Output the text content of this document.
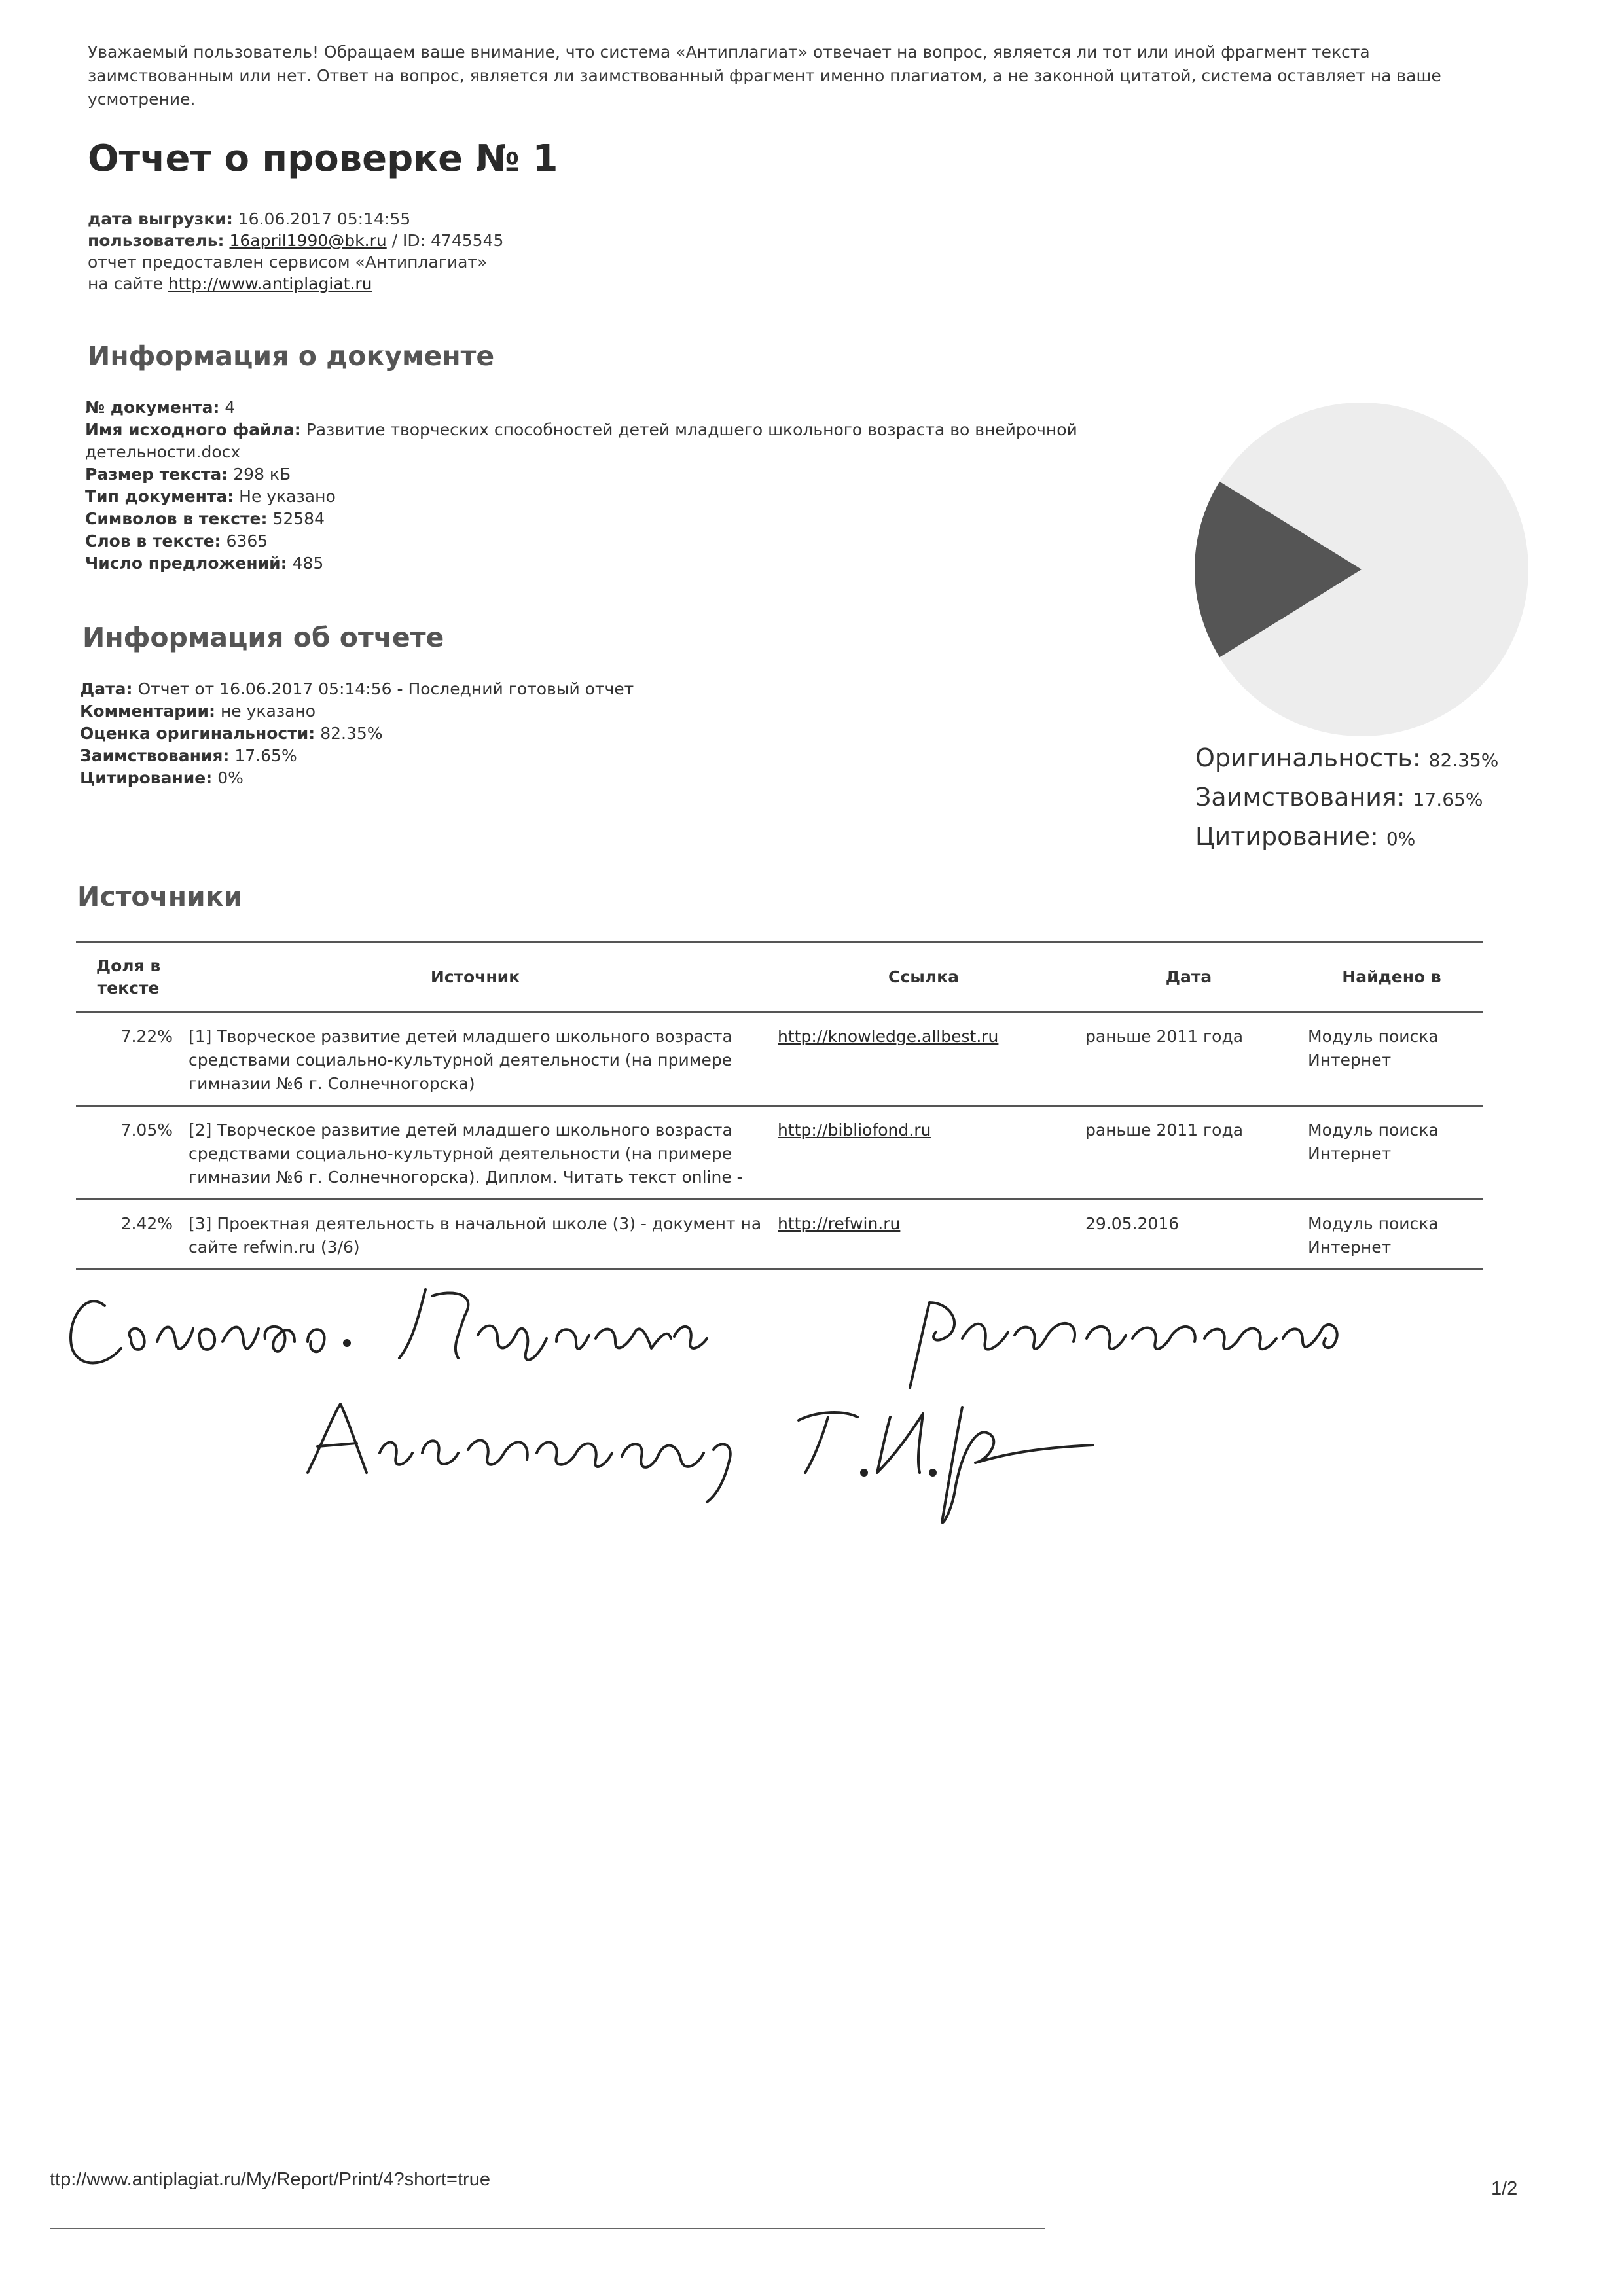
Уважаемый пользователь! Обращаем ваше внимание, что система «Антиплагиат» отвечает на вопрос, является ли тот или иной фрагмент текста заимствованным или нет. Ответ на вопрос, является ли заимствованный фрагмент именно плагиатом, а не законной цитатой, система оставляет на ваше усмотрение.
Отчет о проверке № 1
дата выгрузки: 16.06.2017 05:14:55
пользователь: 16april1990@bk.ru / ID: 4745545
отчет предоставлен сервисом «Антиплагиат»
на сайте http://www.antiplagiat.ru
Информация о документе
№ документа: 4
Имя исходного файла: Развитие творческих способностей детей младшего школьного возраста во внейрочной детельности.docx
Размер текста: 298 кБ
Тип документа: Не указано
Символов в тексте: 52584
Слов в тексте: 6365
Число предложений: 485
Информация об отчете
Дата: Отчет от 16.06.2017 05:14:56 - Последний готовый отчет
Комментарии: не указано
Оценка оригинальности: 82.35%
Заимствования: 17.65%
Цитирование: 0%
Оригинальность: 82.35%
Заимствования: 17.65%
Цитирование: 0%
Источники
Доля в тексте	Источник	Ссылка	Дата	Найдено в
7.22%	[1] Творческое развитие детей младшего школьного возраста средствами социально-культурной деятельности (на примере гимназии №6 г. Солнечногорска)	http://knowledge.allbest.ru	раньше 2011 года	Модуль поиска Интернет
7.05%	[2] Творческое развитие детей младшего школьного возраста средствами социально-культурной деятельности (на примере гимназии №6 г. Солнечногорска). Диплом. Читать текст online -	http://bibliofond.ru	раньше 2011 года	Модуль поиска Интернет
2.42%	[3] Проектная деятельность в начальной школе (3) - документ на сайте refwin.ru (3/6)	http://refwin.ru	29.05.2016	Модуль поиска Интернет
ttp://www.antiplagiat.ru/My/Report/Print/4?short=true	1/2
